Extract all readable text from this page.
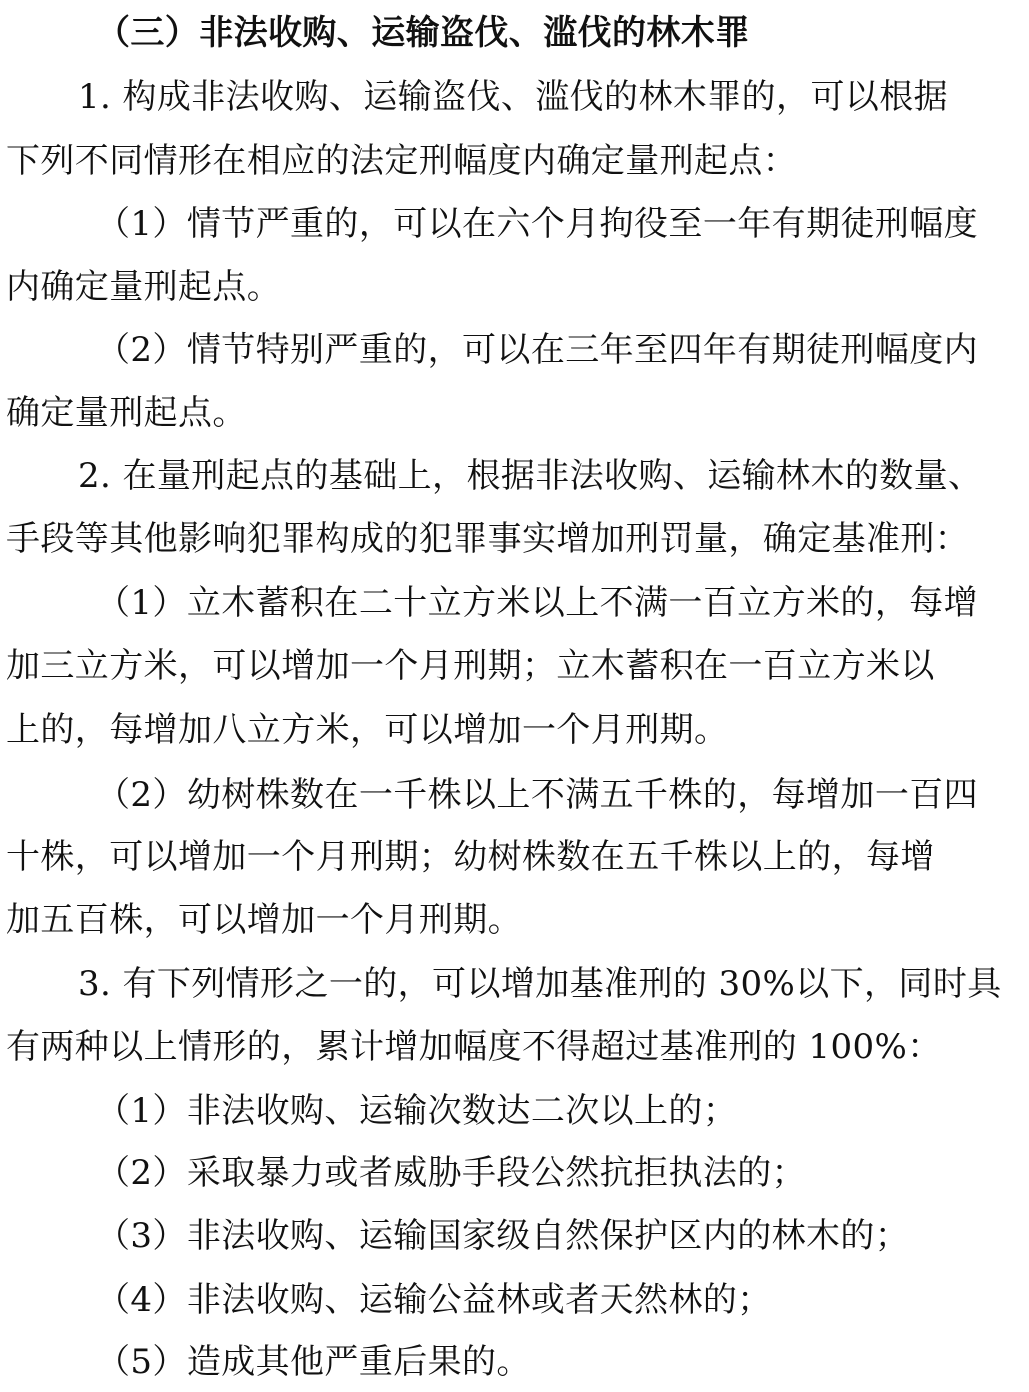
（三）非法收购、运输盗伐、滥伐的林木罪
1. 构成非法收购、运输盗伐、滥伐的林木罪的，可以根据
下列不同情形在相应的法定刑幅度内确定量刑起点：
（1）情节严重的，可以在六个月拘役至一年有期徒刑幅度
内确定量刑起点。
（2）情节特别严重的，可以在三年至四年有期徒刑幅度内
确定量刑起点。
2. 在量刑起点的基础上，根据非法收购、运输林木的数量、
手段等其他影响犯罪构成的犯罪事实增加刑罚量，确定基准刑：
（1）立木蓄积在二十立方米以上不满一百立方米的，每增
加三立方米，可以增加一个月刑期；立木蓄积在一百立方米以
上的，每增加八立方米，可以增加一个月刑期。
（2）幼树株数在一千株以上不满五千株的，每增加一百四
十株，可以增加一个月刑期；幼树株数在五千株以上的，每增
加五百株，可以增加一个月刑期。
3. 有下列情形之一的，可以增加基准刑的 30%以下，同时具
有两种以上情形的，累计增加幅度不得超过基准刑的 100%：
（1）非法收购、运输次数达二次以上的；
（2）采取暴力或者威胁手段公然抗拒执法的；
（3）非法收购、运输国家级自然保护区内的林木的；
（4）非法收购、运输公益林或者天然林的；
（5）造成其他严重后果的。
